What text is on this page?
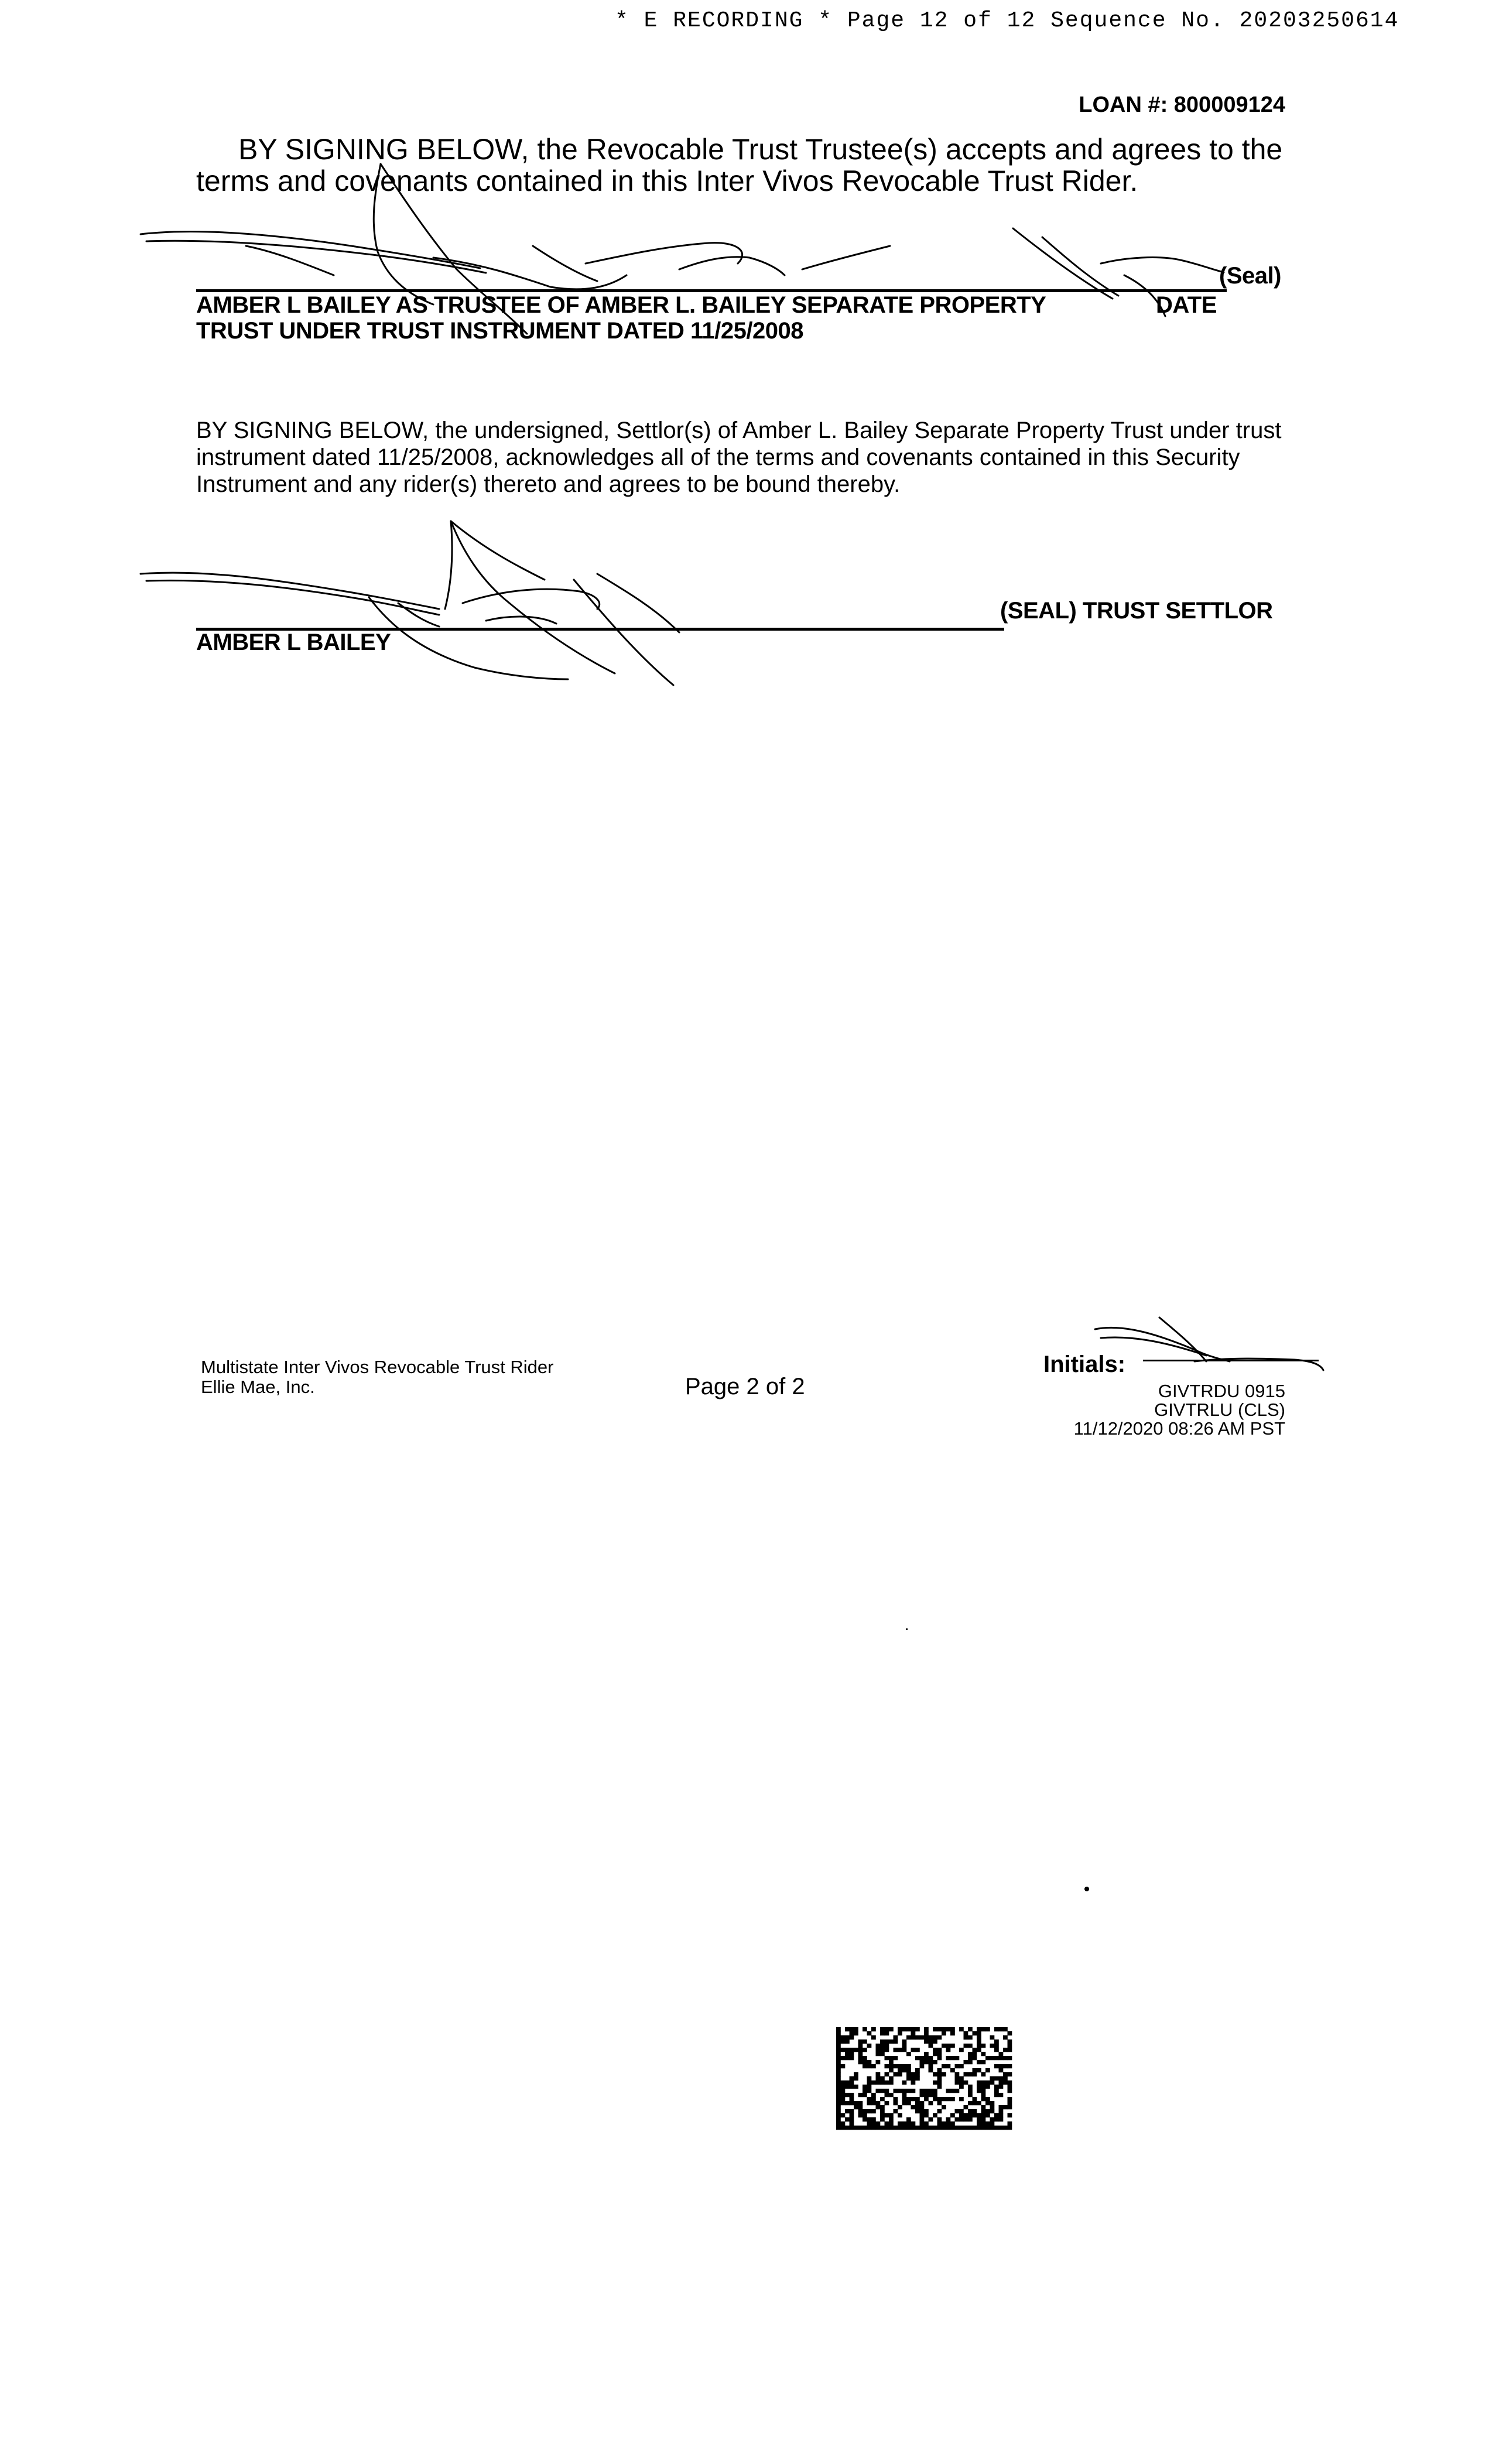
* E RECORDING * Page 12 of 12 Sequence No. 20203250614
LOAN #: 800009124
BY SIGNING BELOW, the Revocable Trust Trustee(s) accepts and agrees to the terms and covenants contained in this Inter Vivos Revocable Trust Rider.
(Seal)
AMBER L BAILEY AS TRUSTEE OF AMBER L. BAILEY SEPARATE PROPERTY
TRUST UNDER TRUST INSTRUMENT DATED 11/25/2008
DATE
BY SIGNING BELOW, the undersigned, Settlor(s) of Amber L. Bailey Separate Property Trust under trust instrument dated 11/25/2008, acknowledges all of the terms and covenants contained in this Security Instrument and any rider(s) thereto and agrees to be bound thereby.
(SEAL) TRUST SETTLOR
AMBER L BAILEY
Multistate Inter Vivos Revocable Trust Rider
Ellie Mae, Inc.	Page 2 of 2
Initials:
GIVTRDU 0915
GIVTRLU (CLS)
11/12/2020 08:26 AM PST
